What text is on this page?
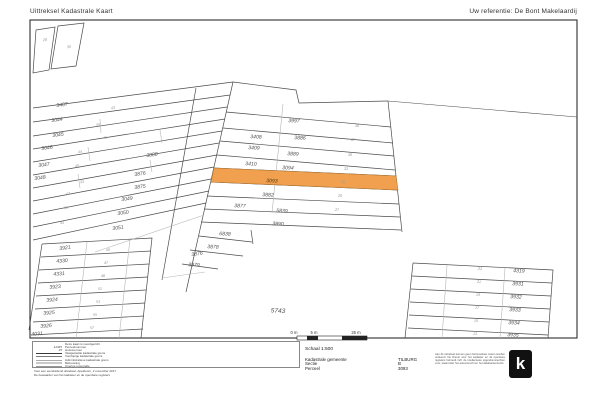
Uittreksel Kadastrale Kaart	Uw referentie: De Bont Makelaardij
3407
3044
3045
3046
3047
3048
3049
3050
3051
3888
3876
3875
3997
3408	3886
3409
3889
3410
3094
3093
3882
3877
5839
3890
6838
3878
3876
3879
5743
3921
4330
4331
3923
3924
3925
3926
4031
4319
3931
3932
3933
3934
3935
28
30
43
39
41
44
45
33
47
36
44
36
37
38
33
31
29
27
46
47
48
51
53
55
57
23
21
19
17
15
13
0 m	5 m	25 m
Deze kaart is noordgericht
12345 Perceelnummer
25 Huisnummer
Vastgestelde kadastrale grens
Voorlopige kadastrale grens
Administratieve kadastrale grens
Bebouwing
Overige topografie
Voor een eensluidend uittreksel, Apeldoorn, 2 november 2017
De bewaarder van het kadaster en de openbare registers
Schaal 1:500
Kadastrale gemeente	TILBURG
Sectie	B
Perceel	3093
Aan dit uittreksel kunnen geen betrouwbare maten worden ontleend. De Dienst voor het kadaster en de openbare registers behoudt zich de intellectuele eigendomsrechten voor, waaronder het auteursrecht en het databankenrecht. k
